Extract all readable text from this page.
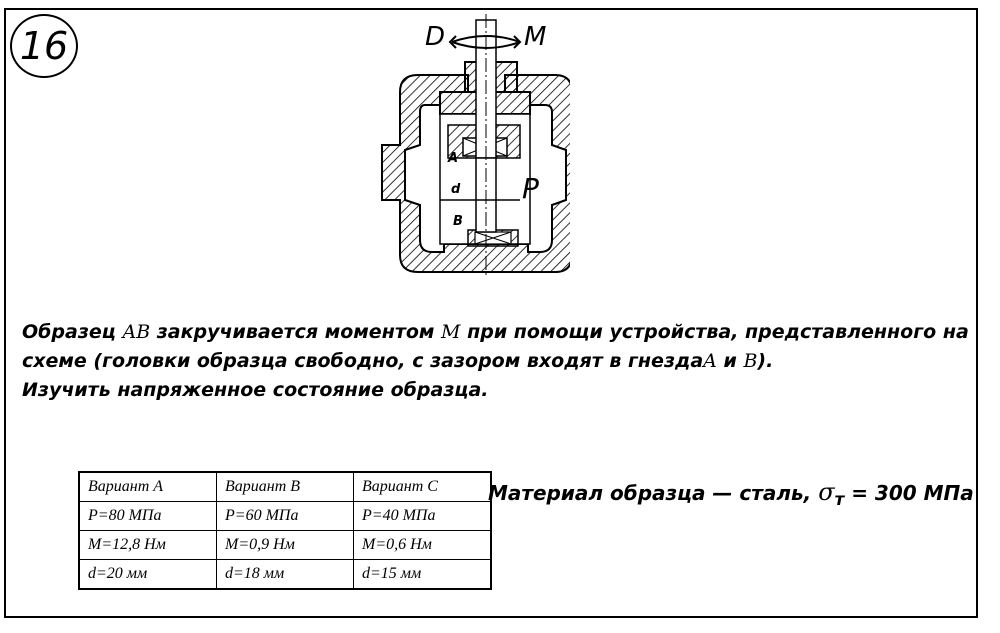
16	D	M
A
d
B
P
Образец AB закручивается моментом M при помощи устройства, представленного на
схеме (головки образца свободно, с зазором входят в гнездаA и B).
Изучить напряженное состояние образца.
Вариант A	Вариант B	Вариант C
P=80 МПа	P=60 МПа	P=40 МПа
M=12,8 Нм	M=0,9 Нм	M=0,6 Нм
d=20 мм	d=18 мм	d=15 мм
Материал образца — сталь, $\sigma_т = 300$ МПа
